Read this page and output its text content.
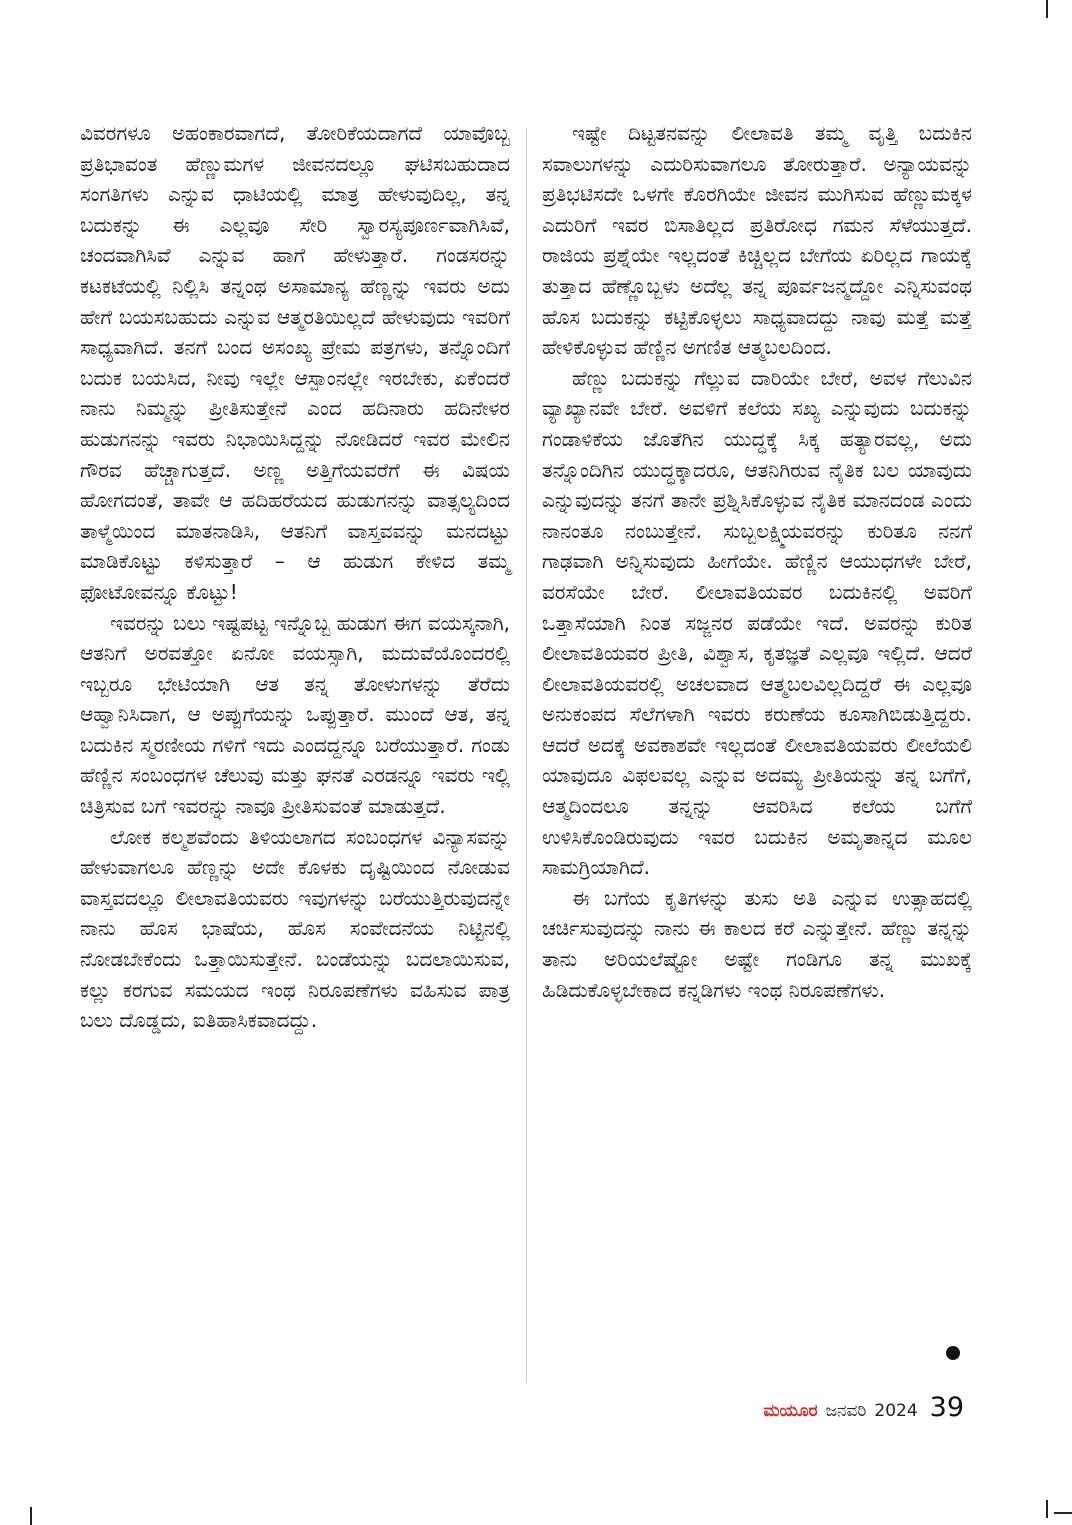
ವಿವರಗಳೂ ಅಹಂಕಾರವಾಗದೆ, ತೋರಿಕೆಯದಾಗದೆ ಯಾವೊಬ್ಬ ಪ್ರತಿಭಾವಂತ ಹೆಣ್ಣುಮಗಳ ಜೀವನದಲ್ಲೂ ಘಟಿಸಬಹುದಾದ ಸಂಗತಿಗಳು ಎನ್ನುವ ಧಾಟಿಯಲ್ಲಿ ಮಾತ್ರ ಹೇಳುವುದಿಲ್ಲ, ತನ್ನ ಬದುಕನ್ನು ಈ ಎಲ್ಲವೂ ಸೇರಿ ಸ್ವಾರಸ್ಯಪೂರ್ಣವಾಗಿಸಿವೆ, ಚಂದವಾಗಿಸಿವೆ ಎನ್ನುವ ಹಾಗೆ ಹೇಳುತ್ತಾರೆ. ಗಂಡಸರನ್ನು ಕಟಕಟೆಯಲ್ಲಿ ನಿಲ್ಲಿಸಿ ತನ್ನಂಥ ಅಸಾಮಾನ್ಯ ಹೆಣ್ಣನ್ನು ಇವರು ಅದು ಹೇಗೆ ಬಯಸಬಹುದು ಎನ್ನುವ ಆತ್ಮರತಿಯಿಲ್ಲದೆ ಹೇಳುವುದು ಇವರಿಗೆ ಸಾಧ್ಯವಾಗಿದೆ. ತನಗೆ ಬಂದ ಅಸಂಖ್ಯ ಪ್ರೇಮ ಪತ್ರಗಳು, ತನ್ನೊಂದಿಗೆ ಬದುಕ ಬಯಸಿದ, ನೀವು ಇಲ್ಲೇ ಆಸ್ಪಾಂನಲ್ಲೇ ಇರಬೇಕು, ಏಕೆಂದರೆ ನಾನು ನಿಮ್ಮನ್ನು ಪ್ರೀತಿಸುತ್ತೇನೆ ಎಂದ ಹದಿನಾರು ಹದಿನೇಳರ ಹುಡುಗನನ್ನು ಇವರು ನಿಭಾಯಿಸಿದ್ದನ್ನು ನೋಡಿದರೆ ಇವರ ಮೇಲಿನ ಗೌರವ ಹೆಚ್ಚಾಗುತ್ತದೆ. ಅಣ್ಣ ಅತ್ತಿಗೆಯವರೆಗೆ ಈ ವಿಷಯ ಹೋಗದಂತೆ, ತಾವೇ ಆ ಹದಿಹರೆಯದ ಹುಡುಗನನ್ನು ವಾತ್ಸಲ್ಯದಿಂದ ತಾಳ್ಮೆಯಿಂದ ಮಾತನಾಡಿಸಿ, ಆತನಿಗೆ ವಾಸ್ತವವನ್ನು ಮನದಟ್ಟು ಮಾಡಿಕೊಟ್ಟು ಕಳಿಸುತ್ತಾರೆ – ಆ ಹುಡುಗ ಕೇಳಿದ ತಮ್ಮ ಫೋಟೋವನ್ನೂ ಕೊಟ್ಟು!

ಇವರನ್ನು ಬಲು ಇಷ್ಟಪಟ್ಟ ಇನ್ನೊಬ್ಬ ಹುಡುಗ ಈಗ ವಯಸ್ಕನಾಗಿ, ಆತನಿಗೆ ಅರವತ್ತೋ ಏನೋ ವಯಸ್ಸಾಗಿ, ಮದುವೆಯೊಂದರಲ್ಲಿ ಇಬ್ಬರೂ ಭೇಟಿಯಾಗಿ ಆತ ತನ್ನ ತೋಳುಗಳನ್ನು ತೆರೆದು ಆಹ್ವಾನಿಸಿದಾಗ, ಆ ಅಪ್ಪುಗೆಯನ್ನು ಒಪ್ಪುತ್ತಾರೆ. ಮುಂದೆ ಆತ, ತನ್ನ ಬದುಕಿನ ಸ್ಮರಣೀಯ ಗಳಿಗೆ ಇದು ಎಂದದ್ದನ್ನೂ ಬರೆಯುತ್ತಾರೆ. ಗಂಡು ಹೆಣ್ಣಿನ ಸಂಬಂಧಗಳ ಚೆಲುವು ಮತ್ತು ಘನತೆ ಎರಡನ್ನೂ ಇವರು ಇಲ್ಲಿ ಚಿತ್ರಿಸುವ ಬಗೆ ಇವರನ್ನು ನಾವೂ ಪ್ರೀತಿಸುವಂತೆ ಮಾಡುತ್ತದೆ.

ಲೋಕ ಕಲ್ಮಶವೆಂದು ತಿಳಿಯಲಾಗದ ಸಂಬಂಧಗಳ ವಿನ್ಯಾಸವನ್ನು ಹೇಳುವಾಗಲೂ ಹೆಣ್ಣನ್ನು ಅದೇ ಕೊಳಕು ದೃಷ್ಟಿಯಿಂದ ನೋಡುವ ವಾಸ್ತವದಲ್ಲೂ ಲೀಲಾವತಿಯವರು ಇವುಗಳನ್ನು ಬರೆಯುತ್ತಿರುವುದನ್ನೇ ನಾನು ಹೊಸ ಭಾಷೆಯ, ಹೊಸ ಸಂವೇದನೆಯ ನಿಟ್ಟಿನಲ್ಲಿ ನೋಡಬೇಕೆಂದು ಒತ್ತಾಯಿಸುತ್ತೇನೆ. ಬಂಡೆಯನ್ನು ಬದಲಾಯಿಸುವ, ಕಲ್ಲು ಕರಗುವ ಸಮಯದ ಇಂಥ ನಿರೂಪಣೆಗಳು ವಹಿಸುವ ಪಾತ್ರ ಬಲು ದೊಡ್ಡದು, ಐತಿಹಾಸಿಕವಾದದ್ದು.

ಇಷ್ಟೇ ದಿಟ್ಟತನವನ್ನು ಲೀಲಾವತಿ ತಮ್ಮ ವೃತ್ತಿ ಬದುಕಿನ ಸವಾಲುಗಳನ್ನು ಎದುರಿಸುವಾಗಲೂ ತೋರುತ್ತಾರೆ. ಅನ್ಯಾಯವನ್ನು ಪ್ರತಿಭಟಿಸದೇ ಒಳಗೇ ಕೊರಗಿಯೇ ಜೀವನ ಮುಗಿಸುವ ಹೆಣ್ಣುಮಕ್ಕಳ ಎದುರಿಗೆ ಇವರ ಬಿಸಾತಿಲ್ಲದ ಪ್ರತಿರೋಧ ಗಮನ ಸೆಳೆಯುತ್ತದೆ. ರಾಜಿಯ ಪ್ರಶ್ನೆಯೇ ಇಲ್ಲದಂತೆ ಕಿಚ್ಚಿಲ್ಲದ ಬೇಗೆಯ ಏರಿಲ್ಲದ ಗಾಯಕ್ಕೆ ತುತ್ತಾದ ಹೆಣ್ಣೊಬ್ಬಳು ಅದೆಲ್ಲ ತನ್ನ ಪೂರ್ವಜನ್ಮದ್ದೋ ಎನ್ನಿಸುವಂಥ ಹೊಸ ಬದುಕನ್ನು ಕಟ್ಟಿಕೊಳ್ಳಲು ಸಾಧ್ಯವಾದದ್ದು ನಾವು ಮತ್ತೆ ಮತ್ತೆ ಹೇಳಿಕೊಳ್ಳುವ ಹೆಣ್ಣಿನ ಅಗಣಿತ ಆತ್ಮಬಲದಿಂದ.

ಹೆಣ್ಣು ಬದುಕನ್ನು ಗೆಲ್ಲುವ ದಾರಿಯೇ ಬೇರೆ, ಅವಳ ಗೆಲುವಿನ ವ್ಯಾಖ್ಯಾನವೇ ಬೇರೆ. ಅವಳಿಗೆ ಕಲೆಯ ಸಖ್ಯ ಎನ್ನುವುದು ಬದುಕನ್ನು ಗಂಡಾಳಿಕೆಯ ಜೊತೆಗಿನ ಯುದ್ಧಕ್ಕೆ ಸಿಕ್ಕ ಹತ್ಯಾರವಲ್ಲ, ಅದು ತನ್ನೊಂದಿಗಿನ ಯುದ್ಧಕ್ಕಾದರೂ, ಆತನಿಗಿರುವ ನೈತಿಕ ಬಲ ಯಾವುದು ಎನ್ನುವುದನ್ನು ತನಗೆ ತಾನೇ ಪ್ರಶ್ನಿಸಿಕೊಳ್ಳುವ ನೈತಿಕ ಮಾನದಂಡ ಎಂದು ನಾನಂತೂ ನಂಬುತ್ತೇನೆ. ಸುಬ್ಬಲಕ್ಷ್ಮಿಯವರನ್ನು ಕುರಿತೂ ನನಗೆ ಗಾಢವಾಗಿ ಅನ್ನಿಸುವುದು ಹೀಗೆಯೇ. ಹೆಣ್ಣಿನ ಆಯುಧಗಳೇ ಬೇರೆ, ವರಸೆಯೇ ಬೇರೆ. ಲೀಲಾವತಿಯವರ ಬದುಕಿನಲ್ಲಿ ಅವರಿಗೆ ಒತ್ತಾಸೆಯಾಗಿ ನಿಂತ ಸಜ್ಜನರ ಪಡೆಯೇ ಇದೆ. ಅವರನ್ನು ಕುರಿತ ಲೀಲಾವತಿಯವರ ಪ್ರೀತಿ, ವಿಶ್ವಾಸ, ಕೃತಜ್ಞತೆ ಎಲ್ಲವೂ ಇಲ್ಲಿದೆ. ಆದರೆ ಲೀಲಾವತಿಯವರಲ್ಲಿ ಅಚಲವಾದ ಆತ್ಮಬಲವಿಲ್ಲದಿದ್ದರೆ ಈ ಎಲ್ಲವೂ ಅನುಕಂಪದ ಸೆಲೆಗಳಾಗಿ ಇವರು ಕರುಣೆಯ ಕೂಸಾಗಿಬಿಡುತ್ತಿದ್ದರು. ಆದರೆ ಅದಕ್ಕೆ ಅವಕಾಶವೇ ಇಲ್ಲದಂತೆ ಲೀಲಾವತಿಯವರು ಲೀಲೆಯಲಿ ಯಾವುದೂ ವಿಫಲವಲ್ಲ ಎನ್ನುವ ಅದಮ್ಯ ಪ್ರೀತಿಯನ್ನು ತನ್ನ ಬಗೆಗೆ, ಆತ್ಮದಿಂದಲೂ ತನ್ನನ್ನು ಆವರಿಸಿದ ಕಲೆಯ ಬಗೆಗೆ ಉಳಿಸಿಕೊಂಡಿರುವುದು ಇವರ ಬದುಕಿನ ಅಮೃತಾನ್ನದ ಮೂಲ ಸಾಮಗ್ರಿಯಾಗಿದೆ.

ಈ ಬಗೆಯ ಕೃತಿಗಳನ್ನು ತುಸು ಅತಿ ಎನ್ನುವ ಉತ್ಸಾಹದಲ್ಲಿ ಚರ್ಚಿಸುವುದನ್ನು ನಾನು ಈ ಕಾಲದ ಕರೆ ಎನ್ನುತ್ತೇನೆ. ಹೆಣ್ಣು ತನ್ನನ್ನು ತಾನು ಅರಿಯಲೆಷ್ಟೋ ಅಷ್ಟೇ ಗಂಡಿಗೂ ತನ್ನ ಮುಖಕ್ಕೆ ಹಿಡಿದುಕೊಳ್ಳಬೇಕಾದ ಕನ್ನಡಿಗಳು ಇಂಥ ನಿರೂಪಣೆಗಳು.

ಮಯೂರ ಜನವರಿ 2024 39
